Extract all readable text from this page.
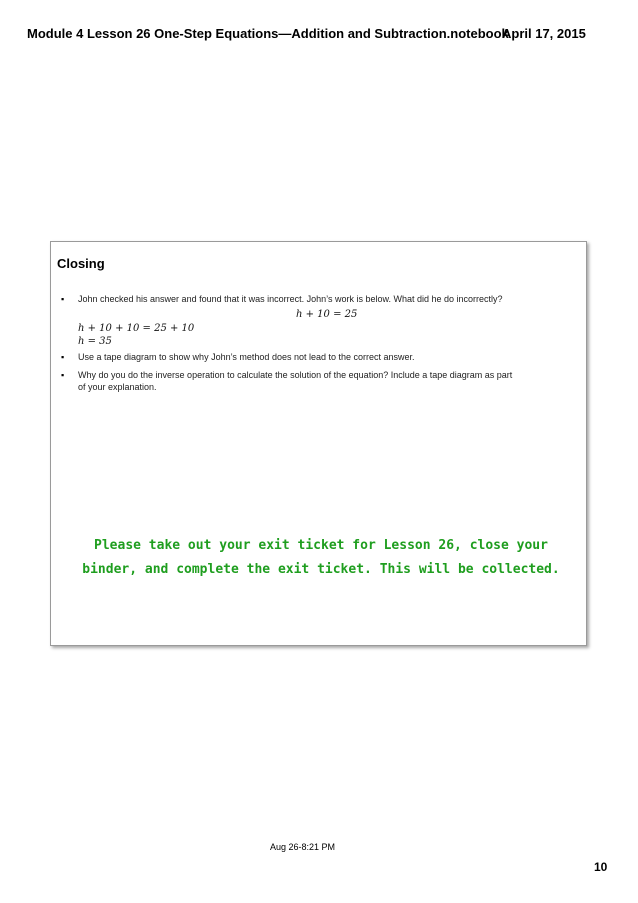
Module 4 Lesson 26 One-Step Equations—Addition and Subtraction.notebook
April 17, 2015
Closing
▪ John checked his answer and found that it was incorrect. John’s work is below. What did he do incorrectly?
h + 10 = 25
h + 10 + 10 = 25 + 10
h = 35
▪ Use a tape diagram to show why John’s method does not lead to the correct answer.
▪ Why do you do the inverse operation to calculate the solution of the equation? Include a tape diagram as part
of your explanation.
Please take out your exit ticket for Lesson 26, close your
binder, and complete the exit ticket. This will be collected.
Aug 26-8:21 PM
10
